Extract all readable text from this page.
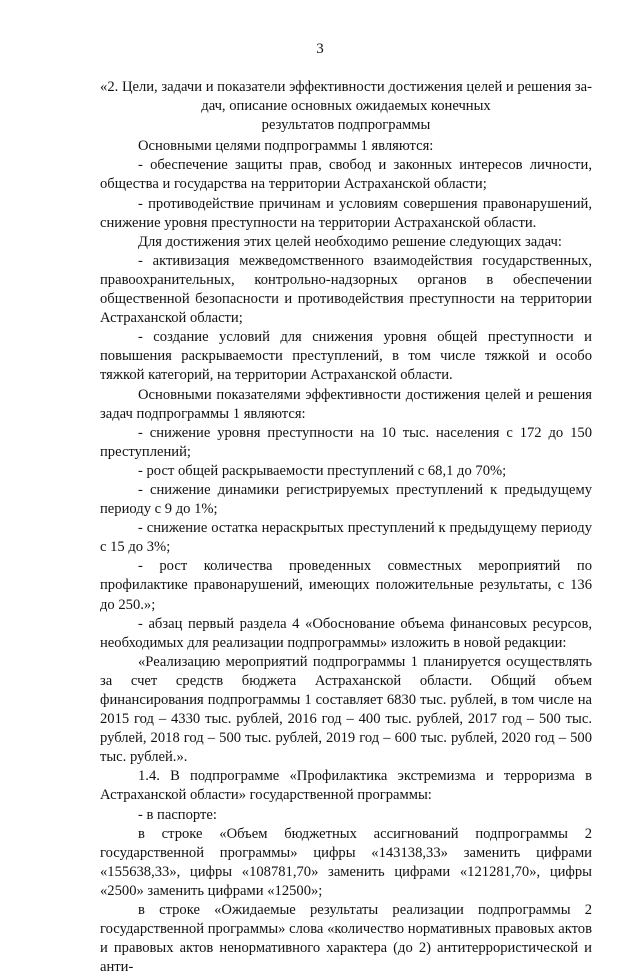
3
«2. Цели, задачи и показатели эффективности достижения целей и решения за-
дач, описание основных ожидаемых конечных
результатов подпрограммы

Основными целями подпрограммы 1 являются:

- обеспечение защиты прав, свобод и законных интересов личности, общества и государства на территории Астраханской области;

- противодействие причинам и условиям совершения правонарушений, снижение уровня преступности на территории Астраханской области.

Для достижения этих целей необходимо решение следующих задач:

- активизация межведомственного взаимодействия государственных, правоохранительных, контрольно-надзорных органов в обеспечении общественной безопасности и противодействия преступности на территории Астраханской области;

- создание условий для снижения уровня общей преступности и повышения раскрываемости преступлений, в том числе тяжкой и особо тяжкой категорий, на территории Астраханской области.

Основными показателями эффективности достижения целей и решения задач подпрограммы 1 являются:

- снижение уровня преступности на 10 тыс. населения с 172 до 150 преступлений;

- рост общей раскрываемости преступлений с 68,1 до 70%;

- снижение динамики регистрируемых преступлений к предыдущему периоду с 9 до 1%;

- снижение остатка нераскрытых преступлений к предыдущему периоду с 15 до 3%;

- рост количества проведенных совместных мероприятий по профилактике правонарушений, имеющих положительные результаты, с 136 до 250.»;

- абзац первый раздела 4 «Обоснование объема финансовых ресурсов, необходимых для реализации подпрограммы» изложить в новой редакции:

«Реализацию мероприятий подпрограммы 1 планируется осуществлять за счет средств бюджета Астраханской области. Общий объем финансирования подпрограммы 1 составляет 6830 тыс. рублей, в том числе на 2015 год – 4330 тыс. рублей, 2016 год – 400 тыс. рублей, 2017 год – 500 тыс. рублей, 2018 год – 500 тыс. рублей, 2019 год – 600 тыс. рублей, 2020 год – 500 тыс. рублей.».

1.4. В подпрограмме «Профилактика экстремизма и терроризма в Астраханской области» государственной программы:

- в паспорте:

в строке «Объем бюджетных ассигнований подпрограммы 2 государственной программы» цифры «143138,33» заменить цифрами «155638,33», цифры «108781,70» заменить цифрами «121281,70», цифры «2500» заменить цифрами «12500»;

в строке «Ожидаемые результаты реализации подпрограммы 2 государственной программы» слова «количество нормативных правовых актов и правовых актов ненормативного характера (до 2) антитеррористической и анти-
